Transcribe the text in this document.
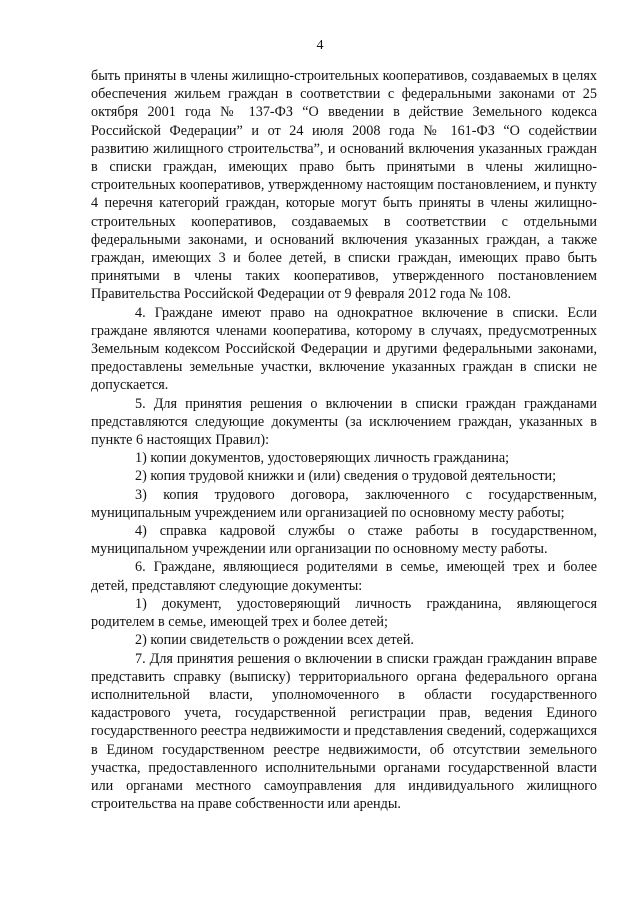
4

быть приняты в члены жилищно-строительных кооперативов, создаваемых в целях обеспечения жильем граждан в соответствии с федеральными законами от 25 октября 2001 года № 137-ФЗ “О введении в действие Земельного кодекса Российской Федерации” и от 24 июля 2008 года № 161-ФЗ “О содействии развитию жилищного строительства”, и оснований включения указанных граждан в списки граждан, имеющих право быть принятыми в члены жилищно-строительных кооперативов, утвержденному настоящим постановлением, и пункту 4 перечня категорий граждан, которые могут быть приняты в члены жилищно-строительных кооперативов, создаваемых в соответствии с отдельными федеральными законами, и оснований включения указанных граждан, а также граждан, имеющих 3 и более детей, в списки граждан, имеющих право быть принятыми в члены таких кооперативов, утвержденного постановлением Правительства Российской Федерации от 9 февраля 2012 года № 108.

4. Граждане имеют право на однократное включение в списки. Если граждане являются членами кооператива, которому в случаях, предусмотренных Земельным кодексом Российской Федерации и другими федеральными законами, предоставлены земельные участки, включение указанных граждан в списки не допускается.

5. Для принятия решения о включении в списки граждан гражданами представляются следующие документы (за исключением граждан, указанных в пункте 6 настоящих Правил):

1) копии документов, удостоверяющих личность гражданина;

2) копия трудовой книжки и (или) сведения о трудовой деятельности;

3) копия трудового договора, заключенного с государственным, муниципальным учреждением или организацией по основному месту работы;

4) справка кадровой службы о стаже работы в государственном, муниципальном учреждении или организации по основному месту работы.

6. Граждане, являющиеся родителями в семье, имеющей трех и более детей, представляют следующие документы:

1) документ, удостоверяющий личность гражданина, являющегося родителем в семье, имеющей трех и более детей;

2) копии свидетельств о рождении всех детей.

7. Для принятия решения о включении в списки граждан гражданин вправе представить справку (выписку) территориального органа федерального органа исполнительной власти, уполномоченного в области государственного кадастрового учета, государственной регистрации прав, ведения Единого государственного реестра недвижимости и представления сведений, содержащихся в Едином государственном реестре недвижимости, об отсутствии земельного участка, предоставленного исполнительными органами государственной власти или органами местного самоуправления для индивидуального жилищного строительства на праве собственности или аренды.
